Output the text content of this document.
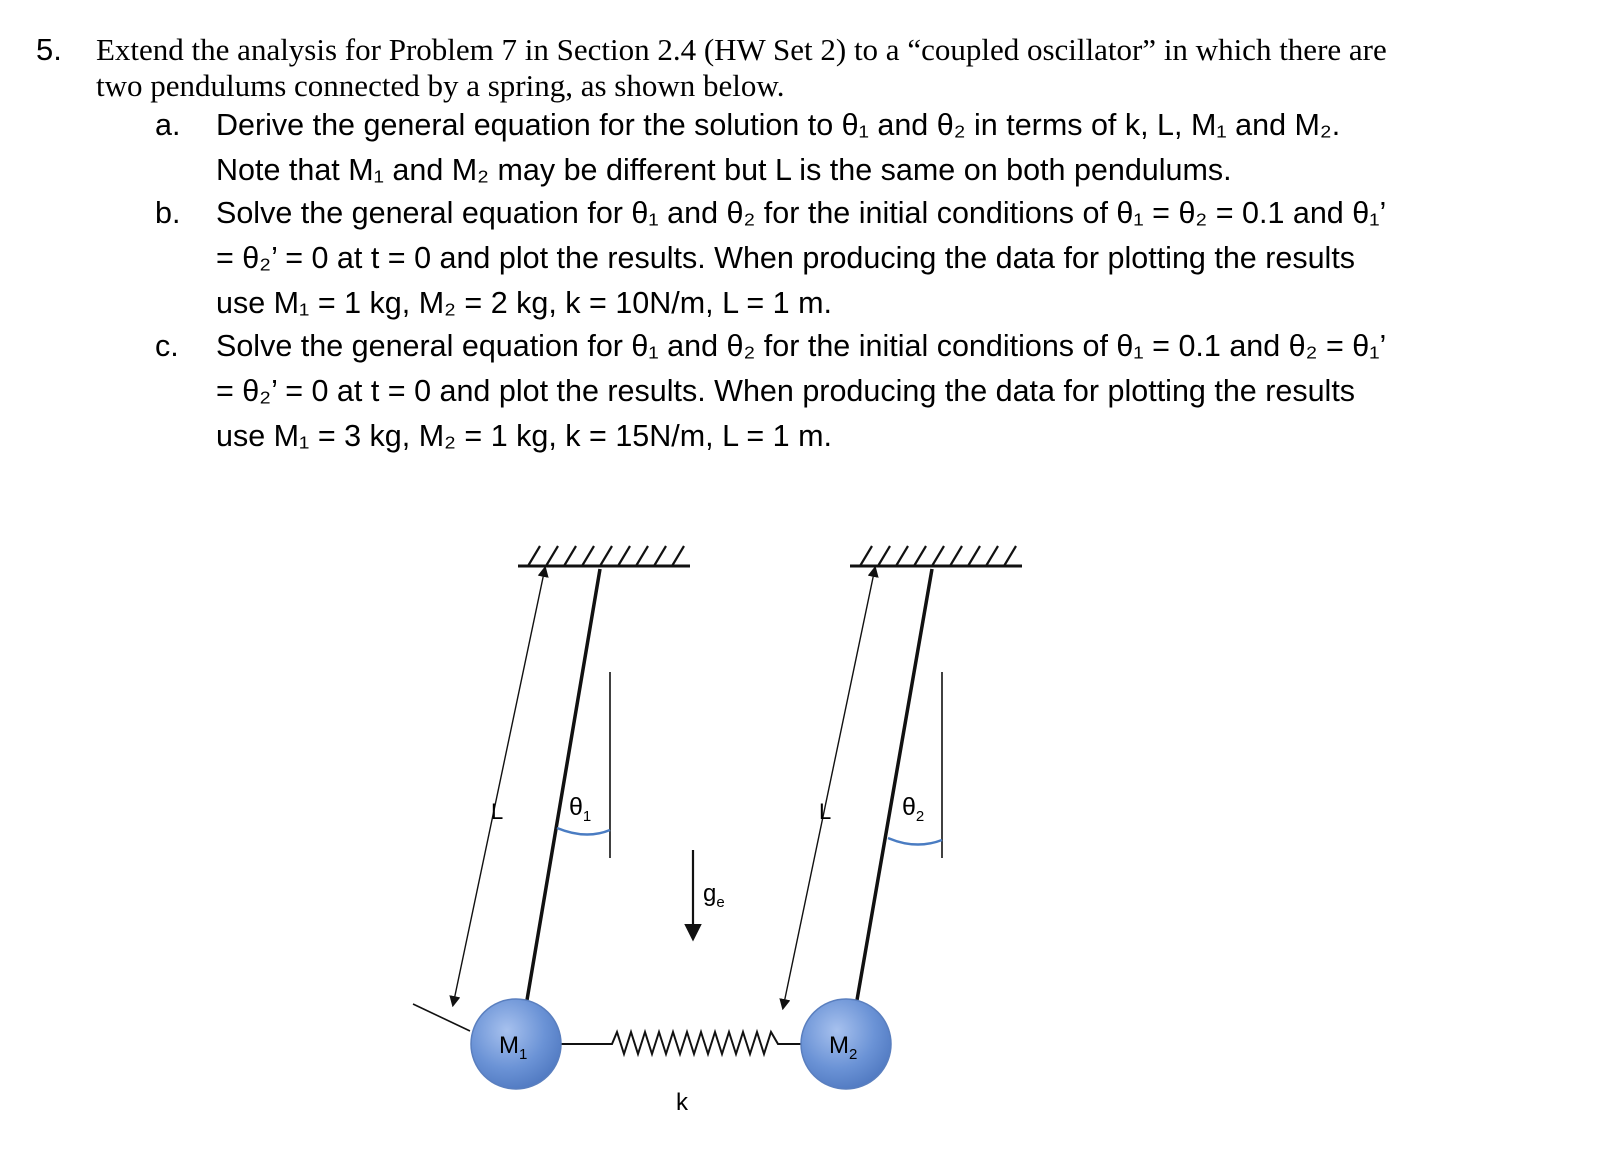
5. Extend the analysis for Problem 7 in Section 2.4 (HW Set 2) to a “coupled oscillator” in which there are
two pendulums connected by a spring, as shown below.
a. Derive the general equation for the solution to θ₁ and θ₂ in terms of k, L, M₁ and M₂.
Note that M₁ and M₂ may be different but L is the same on both pendulums.
b. Solve the general equation for θ₁ and θ₂ for the initial conditions of θ₁ = θ₂ = 0.1 and θ₁’
= θ₂’ = 0 at t = 0 and plot the results. When producing the data for plotting the results
use M₁ = 1 kg, M₂ = 2 kg, k = 10N/m, L = 1 m.
c. Solve the general equation for θ₁ and θ₂ for the initial conditions of θ₁ = 0.1 and θ₂ = θ₁’
= θ₂’ = 0 at t = 0 and plot the results. When producing the data for plotting the results
use M₁ = 3 kg, M₂ = 1 kg, k = 15N/m, L = 1 m.
L	L
$\theta_1$	$\theta_2$
$g_e$
$M_1$	$M_2$
k
